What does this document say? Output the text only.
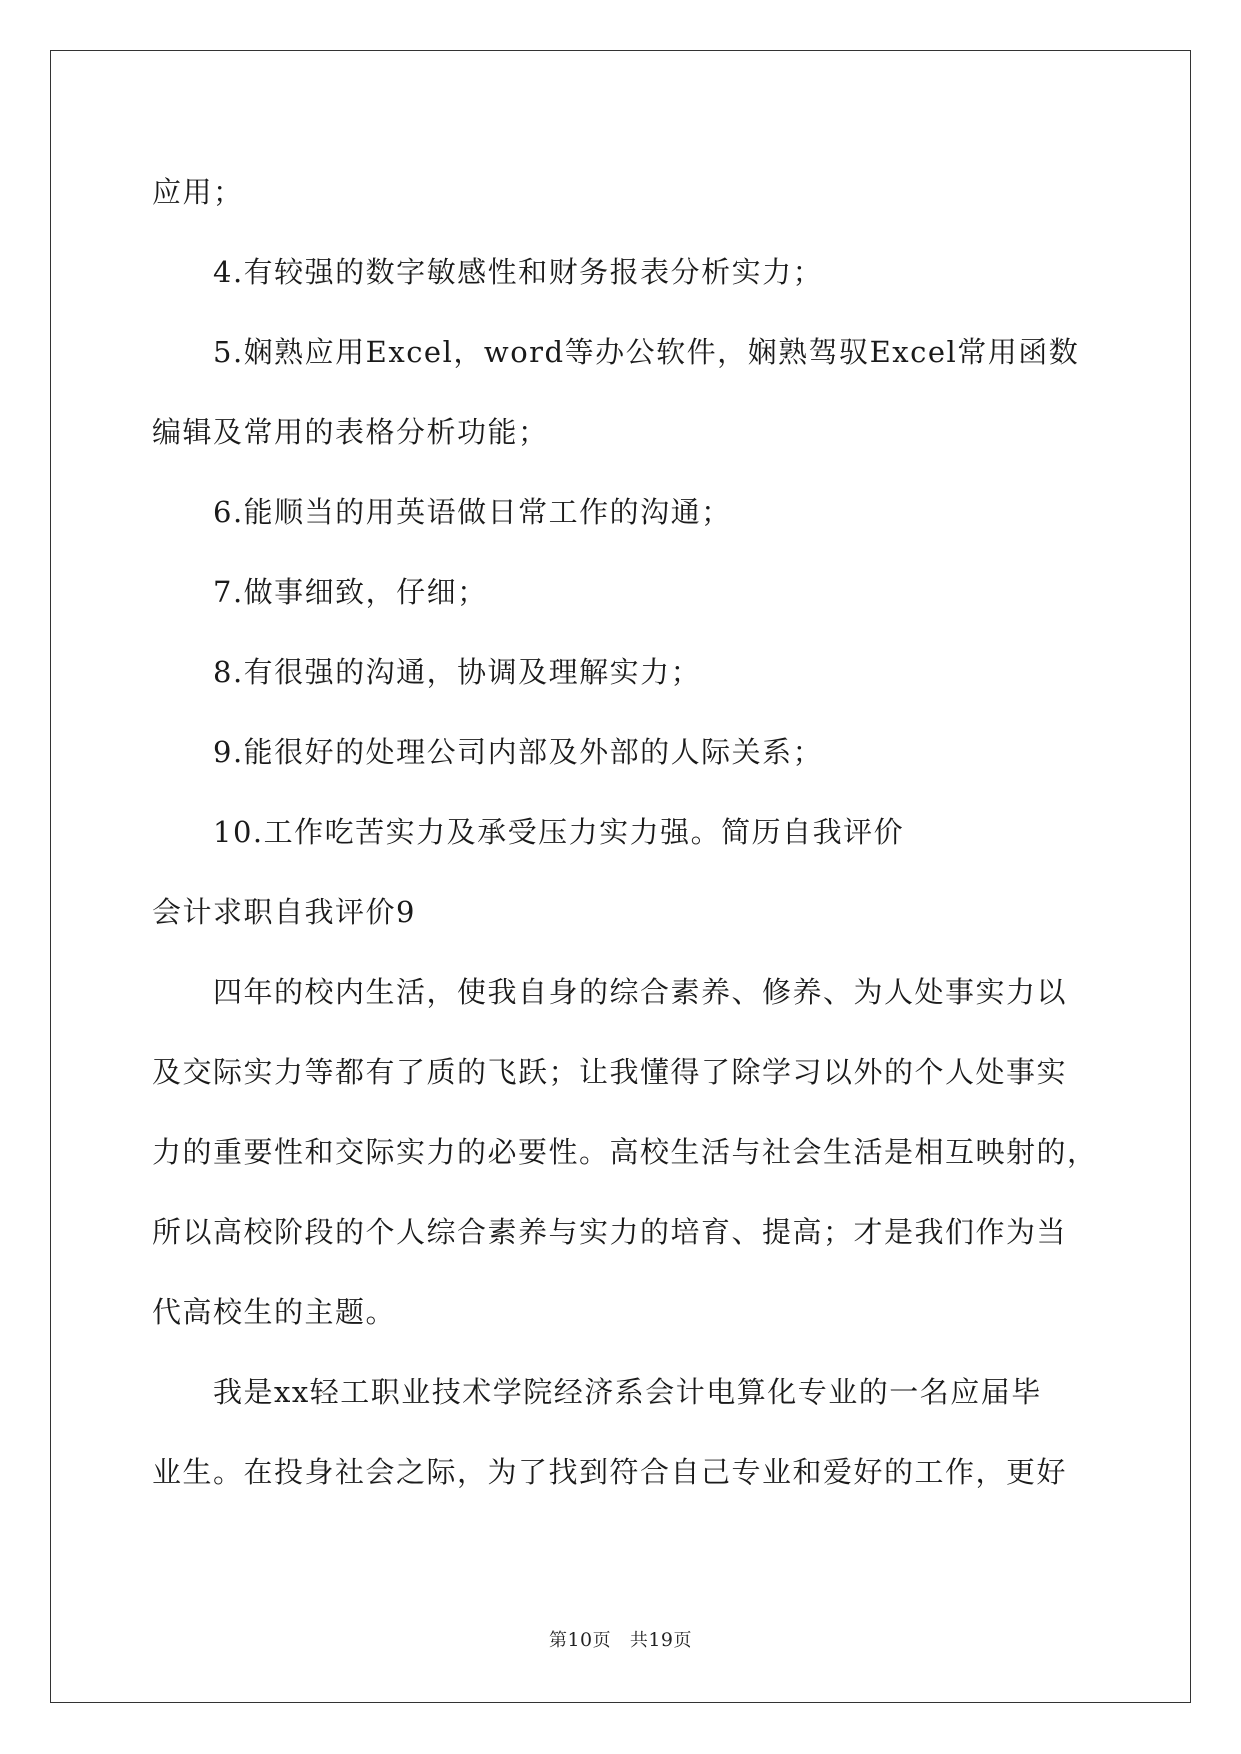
应用；
4.有较强的数字敏感性和财务报表分析实力；
5.娴熟应用Excel，word等办公软件，娴熟驾驭Excel常用函数
编辑及常用的表格分析功能；
6.能顺当的用英语做日常工作的沟通；
7.做事细致，仔细；
8.有很强的沟通，协调及理解实力；
9.能很好的处理公司内部及外部的人际关系；
10.工作吃苦实力及承受压力实力强。简历自我评价
会计求职自我评价9
四年的校内生活，使我自身的综合素养、修养、为人处事实力以
及交际实力等都有了质的飞跃；让我懂得了除学习以外的个人处事实
力的重要性和交际实力的必要性。高校生活与社会生活是相互映射的，
所以高校阶段的个人综合素养与实力的培育、提高；才是我们作为当
代高校生的主题。
我是xx轻工职业技术学院经济系会计电算化专业的一名应届毕
业生。在投身社会之际，为了找到符合自己专业和爱好的工作，更好
第10页 共19页
